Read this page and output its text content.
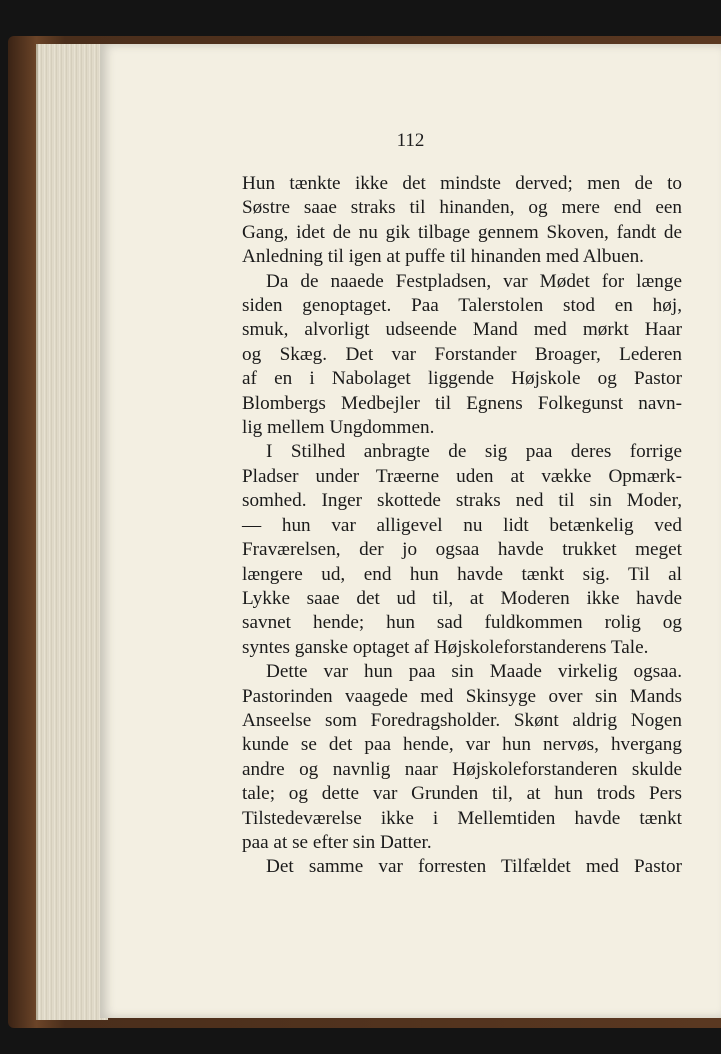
112
Hun tænkte ikke det mindste derved; men de to
Søstre saae straks til hinanden, og mere end een
Gang, idet de nu gik tilbage gennem Skoven, fandt de
Anledning til igen at puffe til hinanden med Albuen.
Da de naaede Festpladsen, var Mødet for længe
siden genoptaget. Paa Talerstolen stod en høj,
smuk, alvorligt udseende Mand med mørkt Haar
og Skæg. Det var Forstander Broager, Lederen
af en i Nabolaget liggende Højskole og Pastor
Blombergs Medbejler til Egnens Folkegunst navn-
lig mellem Ungdommen.
I Stilhed anbragte de sig paa deres forrige
Pladser under Træerne uden at vække Opmærk-
somhed. Inger skottede straks ned til sin Moder,
— hun var alligevel nu lidt betænkelig ved
Fraværelsen, der jo ogsaa havde trukket meget
længere ud, end hun havde tænkt sig. Til al
Lykke saae det ud til, at Moderen ikke havde
savnet hende; hun sad fuldkommen rolig og
syntes ganske optaget af Højskoleforstanderens Tale.
Dette var hun paa sin Maade virkelig ogsaa.
Pastorinden vaagede med Skinsyge over sin Mands
Anseelse som Foredragsholder. Skønt aldrig Nogen
kunde se det paa hende, var hun nervøs, hvergang
andre og navnlig naar Højskoleforstanderen skulde
tale; og dette var Grunden til, at hun trods Pers
Tilstedeværelse ikke i Mellemtiden havde tænkt
paa at se efter sin Datter.
Det samme var forresten Tilfældet med Pastor
